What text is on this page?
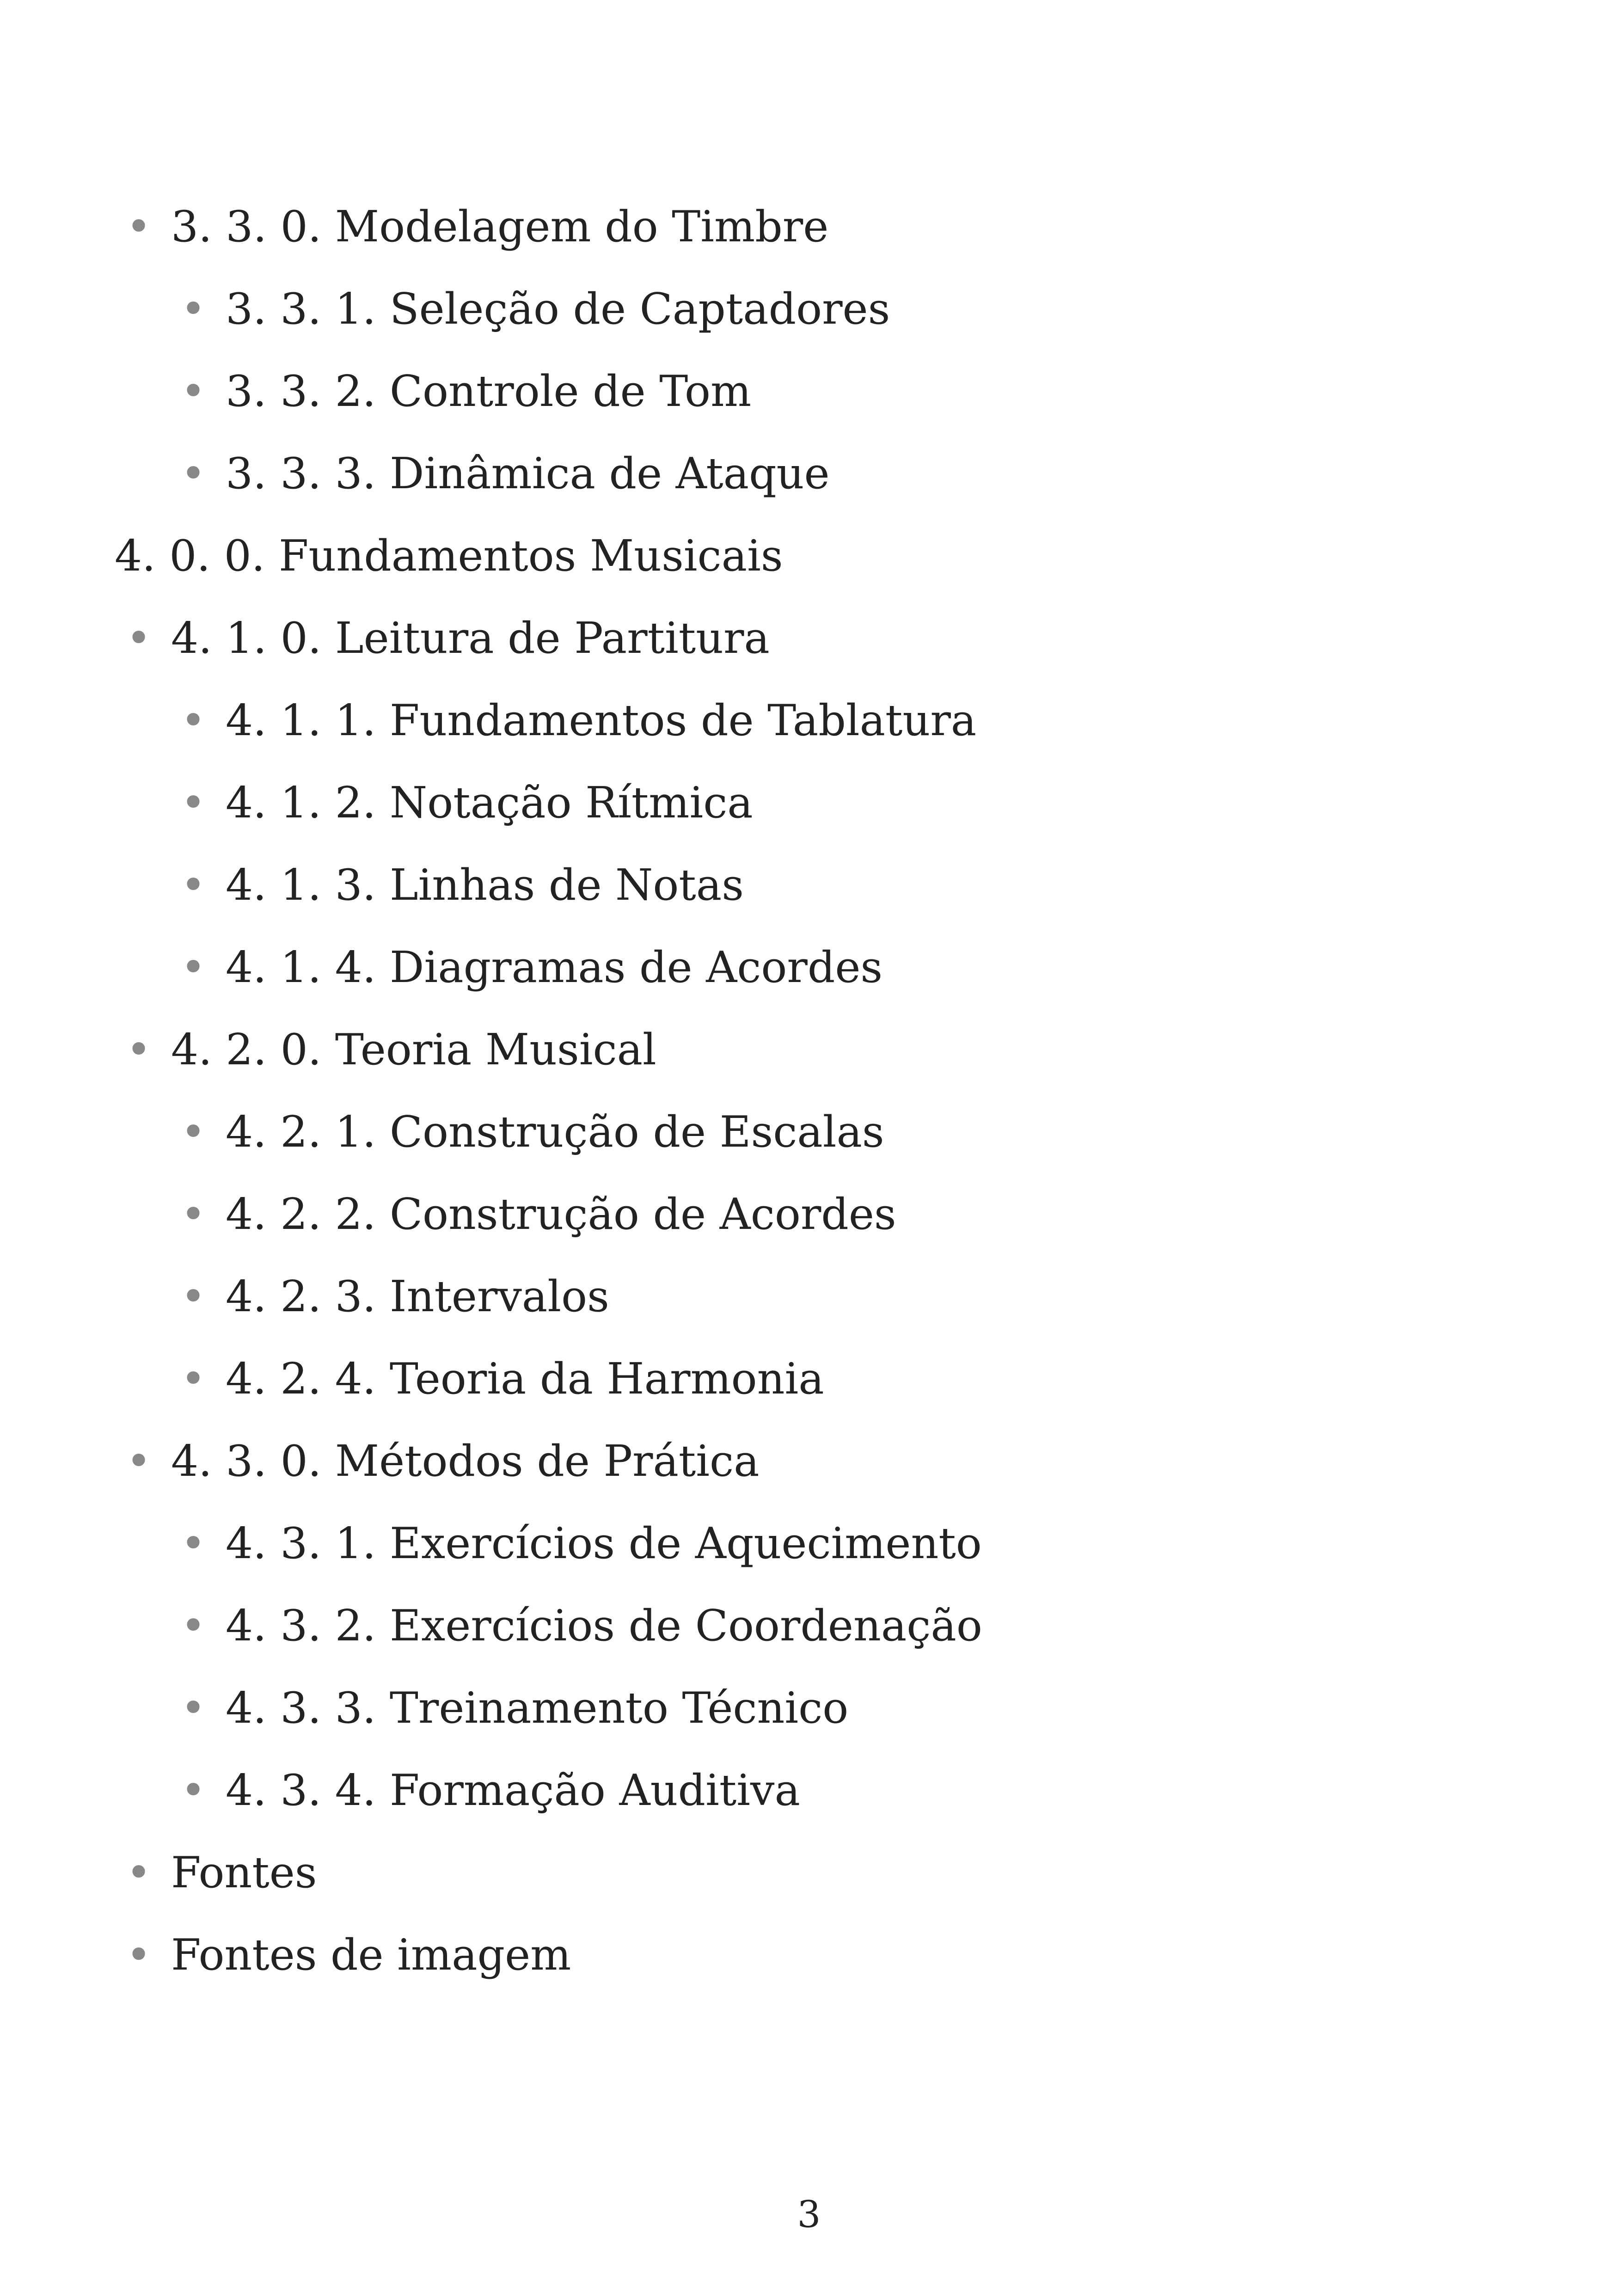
• 3. 3. 0. Modelagem do Timbre
• 3. 3. 1. Seleção de Captadores
• 3. 3. 2. Controle de Tom
• 3. 3. 3. Dinâmica de Ataque
4. 0. 0. Fundamentos Musicais
• 4. 1. 0. Leitura de Partitura
• 4. 1. 1. Fundamentos de Tablatura
• 4. 1. 2. Notação Rítmica
• 4. 1. 3. Linhas de Notas
• 4. 1. 4. Diagramas de Acordes
• 4. 2. 0. Teoria Musical
• 4. 2. 1. Construção de Escalas
• 4. 2. 2. Construção de Acordes
• 4. 2. 3. Intervalos
• 4. 2. 4. Teoria da Harmonia
• 4. 3. 0. Métodos de Prática
• 4. 3. 1. Exercícios de Aquecimento
• 4. 3. 2. Exercícios de Coordenação
• 4. 3. 3. Treinamento Técnico
• 4. 3. 4. Formação Auditiva
• Fontes
• Fontes de imagem
3
